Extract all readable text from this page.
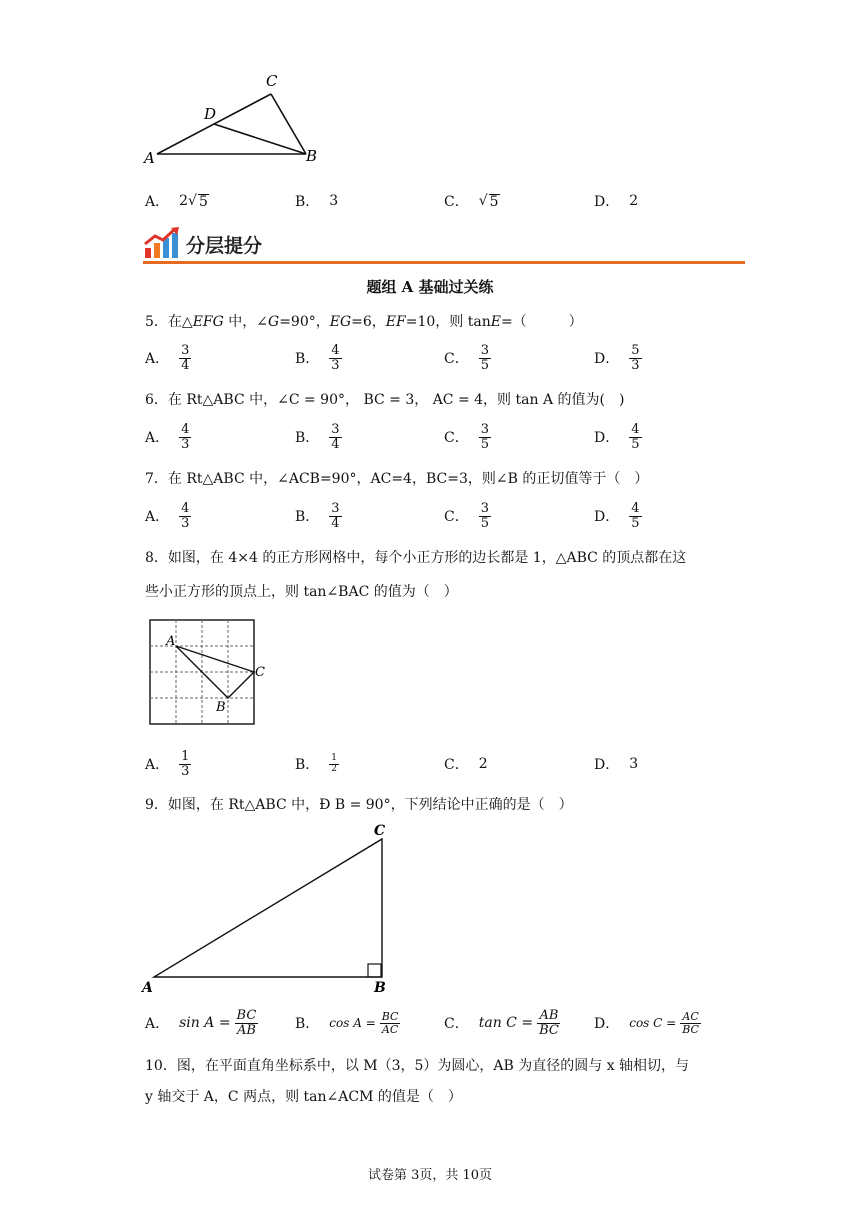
A	B
C
D
A． 2 √ 5	B． 3	C． √ 5	D． 2
分层提分
题组 A 基础过关练
5．在△EFG 中，∠G=90°，EG=6，EF=10，则 tanE=（　　　）
A． $\frac{3}{4}$	B． $\frac{4}{3}$	C． $\frac{3}{5}$	D． $\frac{5}{3}$
6．在 Rt△ABC 中，∠C = 90°， BC = 3， AC = 4，则 tan A 的值为(　)
A． $\frac{4}{3}$	B． $\frac{3}{4}$	C． $\frac{3}{5}$	D． $\frac{4}{5}$
7．在 Rt△ABC 中，∠ACB=90°，AC=4，BC=3，则∠B 的正切值等于（　）
A． $\frac{4}{3}$	B． $\frac{3}{4}$	C． $\frac{3}{5}$	D． $\frac{4}{5}$
8．如图，在 4×4 的正方形网格中，每个小正方形的边长都是 1，△ABC 的顶点都在这
些小正方形的顶点上，则 tan∠BAC 的值为（　）
A
C
B
A． $\frac{1}{3}$	B． $\frac{1}{2}$	C． 2	D． 3
9．如图，在 Rt△ABC 中，Ð B = 90°，下列结论中正确的是（　）
A	B
C
A． $\sin A = \frac{BC}{AB}$	B． $\cos A = \frac{BC}{AC}$	C． $\tan C = \frac{AB}{BC}$ D． $\cos C = \frac{AC}{BC}$
10．图，在平面直角坐标系中，以 M（3，5）为圆心，AB 为直径的圆与 x 轴相切，与
y 轴交于 A，C 两点，则 tan∠ACM 的值是（　）
试卷第 3页，共 10页
